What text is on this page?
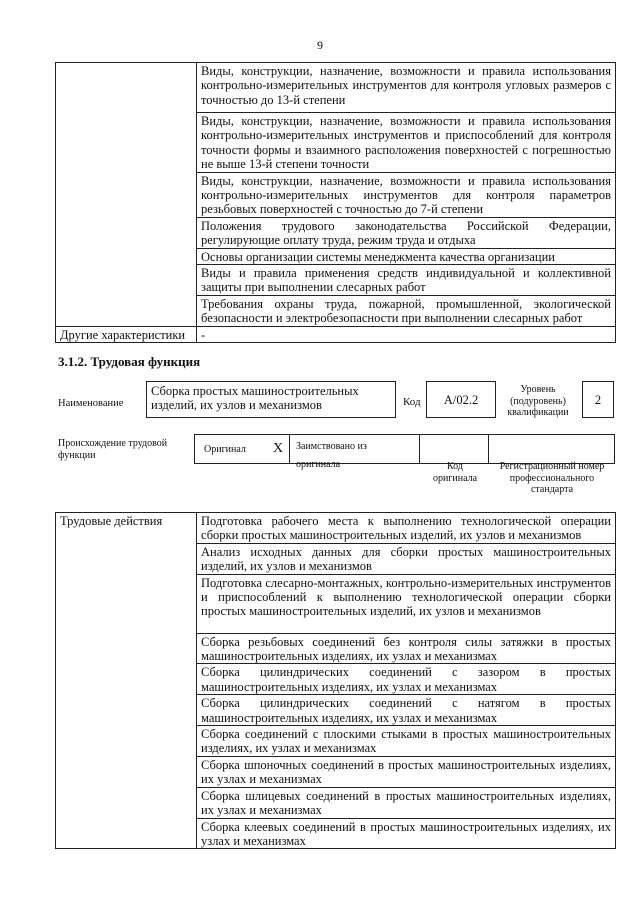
9
	Виды, конструкции, назначение, возможности и правила использования контрольно-измерительных инструментов для контроля угловых размеров с точностью до 13-й степени
	Виды, конструкции, назначение, возможности и правила использования контрольно-измерительных инструментов и приспособлений для контроля точности формы и взаимного расположения поверхностей с погрешностью не выше 13-й степени точности
	Виды, конструкции, назначение, возможности и правила использования контрольно-измерительных инструментов для контроля параметров резьбовых поверхностей с точностью до 7-й степени
	Положения трудового законодательства Российской Федерации, регулирующие оплату труда, режим труда и отдыха
	Основы организации системы менеджмента качества организации
	Виды и правила применения средств индивидуальной и коллективной защиты при выполнении слесарных работ
	Требования охраны труда, пожарной, промышленной, экологической безопасности и электробезопасности при выполнении слесарных работ
Другие характеристики	-
3.1.2. Трудовая функция
Наименование
Сборка простых машиностроительных изделий, их узлов и механизмов	Код	А/02.2
Уровень (подуровень) квалификации
2
Происхождение трудовой функции	Оригинал X	Заимствовано из оригинала	Код оригинала
Регистрационный номер профессионального стандарта
Трудовые действия	Подготовка рабочего места к выполнению технологической операции сборки простых машиностроительных изделий, их узлов и механизмов
Анализ исходных данных для сборки простых машиностроительных изделий, их узлов и механизмов
Подготовка слесарно-монтажных, контрольно-измерительных инструментов и приспособлений к выполнению технологической операции сборки простых машиностроительных изделий, их узлов и механизмов
Сборка резьбовых соединений без контроля силы затяжки в простых машиностроительных изделиях, их узлах и механизмах
Сборка цилиндрических соединений с зазором в простых машиностроительных изделиях, их узлах и механизмах
Сборка цилиндрических соединений с натягом в простых машиностроительных изделиях, их узлах и механизмах
Сборка соединений с плоскими стыками в простых машиностроительных изделиях, их узлах и механизмах
Сборка шпоночных соединений в простых машиностроительных изделиях, их узлах и механизмах
Сборка шлицевых соединений в простых машиностроительных изделиях, их узлах и механизмах
Сборка клеевых соединений в простых машиностроительных изделиях, их узлах и механизмах
